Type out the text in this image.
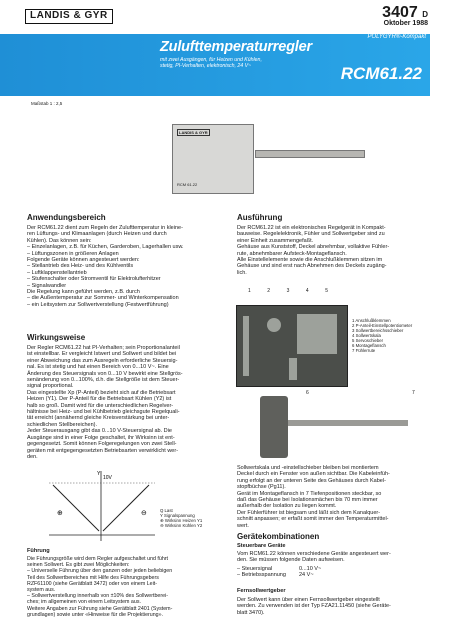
LANDIS & GYR	3407 D
Oktober 1988
POLYGYR®-Kompakt
Zulufttemperaturregler
mit zwei Ausgängen, für Heizen und Kühlen,
stetig, PI-Verhalten, elektronisch, 24 V~	RCM61.22
Maßstab 1 : 2,5
LANDIS & GYR
RCM 61.22
Anwendungsbereich
Der RCM61.22 dient zum Regeln der Zulufttemperatur in kleine-
ren Lüftungs- und Klimaanlagen (durch Heizen und durch
Kühlen). Das können sein:
– Einzelanlagen, z.B. für Küchen, Garderoben, Lagerhallen usw.
– Lüftungszonen in größeren Anlagen
Folgende Geräte können angesteuert werden:
– Stellantrieb des Heiz- und des Kühlventils
– Luftklappenstellantrieb
– Stufenschalter oder Stromventil für Elektrolufterhitzer
– Signalwandler
Die Regelung kann geführt werden, z.B. durch
– die Außentemperatur zur Sommer- und Winterkompensation
– ein Leitsystem zur Sollwertverstellung (Festwertführung)
Wirkungsweise
Der Regler RCM61.22 hat PI-Verhalten; sein Proportionalanteil
ist einstellbar. Er vergleicht Istwert und Sollwert und bildet bei
einer Abweichung das zum Ausregeln erforderliche Steuersig-
nal. Es ist stetig und hat einen Bereich von 0...10 V~. Eine
Änderung des Steuersignals von 0...10 V bewirkt eine Stellgrös-
senänderung von 0...100%, d.h. die Stellgröße ist dem Steuer-
signal proportional.
Das eingestellte Xp (P-Anteil) bezieht sich auf die Betriebsart
Heizen (Y1). Der P-Anteil für die Betriebsart Kühlen (Y2) ist
halb so groß. Damit wird für die unterschiedlichen Regelver-
hältnisse bei Heiz- und bei Kühlbetrieb gleichsgute Regelquali-
tät erreicht (annähernd gleiche Kreisverstärkung bei unter-
schiedlichen Stellbereichen).
Jeder Steuerausgang gibt das 0...10 V-Steuersignal ab. Die
Ausgänge sind in einer Folge geschaltet, ihr Wirksinn ist ent-
gegengesetzt. Somit können Folgeregelungen von zwei Stell-
geräten mit entgegengesetzten Betriebsarten verwirklicht wer-
den.
10V
⊕	⊖
Y
Q Last
Y Signalspannung
⊕ Wirksinn Heizen Y1
⊖ Wirksinn Kühlen Y2
Führung
Die Führungsgröße wird dem Regler aufgeschaltet und führt
seinen Sollwert. Es gibt zwei Möglichkeiten:
– Universelle Führung über den ganzen oder jeden beliebigen
Teil des Sollwertbereiches mit Hilfe des Führungsgebers
RZF61100 (siehe Gerätblatt 3472) oder von einem Leit-
system aus.
– Sollwertverstellung innerhalb von ±10% des Sollwertberei-
ches; im allgemeinen von einem Leitsystem aus.
Weitere Angaben zur Führung siehe Gerätblatt 2401 (System-
grundlagen) sowie unter «Hinweise für die Projektierung».
Ausführung
Der RCM61.22 ist ein elektronisches Regelgerät in Kompakt-
bauweise. Regelelektronik, Fühler und Sollwertgeber sind zu
einer Einheit zusammengefaßt.
Gehäuse aus Kunststoff, Deckel abnehmbar, vollaktive Fühler-
rute, abnehmbarer Aufsteck-Montageflansch.
Alle Einstellelemente sowie die Anschlußklemmen sitzen im
Gehäuse und sind erst nach Abnehmen des Deckels zugäng-
lich.
1	2	3	4	5
1 Anschlußklemmen
2 P-Anteil-Einstellpotentiometer
3 Sollwertbereichsschieber
4 Sollwertskala
5 Servoschieber
6 Montageflansch
7 Fühlerrute
6	7
Sollwertskala und -einstellschieber bleiben bei montiertem
Deckel durch ein Fenster von außen sichtbar. Die Kabeleinfüh-
rung erfolgt an der unteren Seite des Gehäuses durch Kabel-
stopfbüchse (Pg11).
Gerät im Montageflansch in 7 Tiefenpositionen steckbar, so
daß das Gehäuse bei Isolationsmächen bis 70 mm immer
außerhalb der Isolation zu liegen kommt.
Der Fühlerführer ist biegsam und läßt sich dem Kanalquer-
schnitt anpassen; er erfaßt somit immer den Temperaturmittel-
wert.
Gerätekombinationen
Steuerbare Geräte
Vom RCM61.22 können verschiedene Geräte angesteuert wer-
den. Sie müssen folgende Daten aufweisen.
– Steuersignal	0...10 V~
– Betriebsspannung	24 V~
Fernsollwertgeber
Der Sollwert kann über einen Fernsollwertgeber eingestellt
werden. Zu verwenden ist der Typ FZA21.11450 (siehe Geräte-
blatt 3470).
